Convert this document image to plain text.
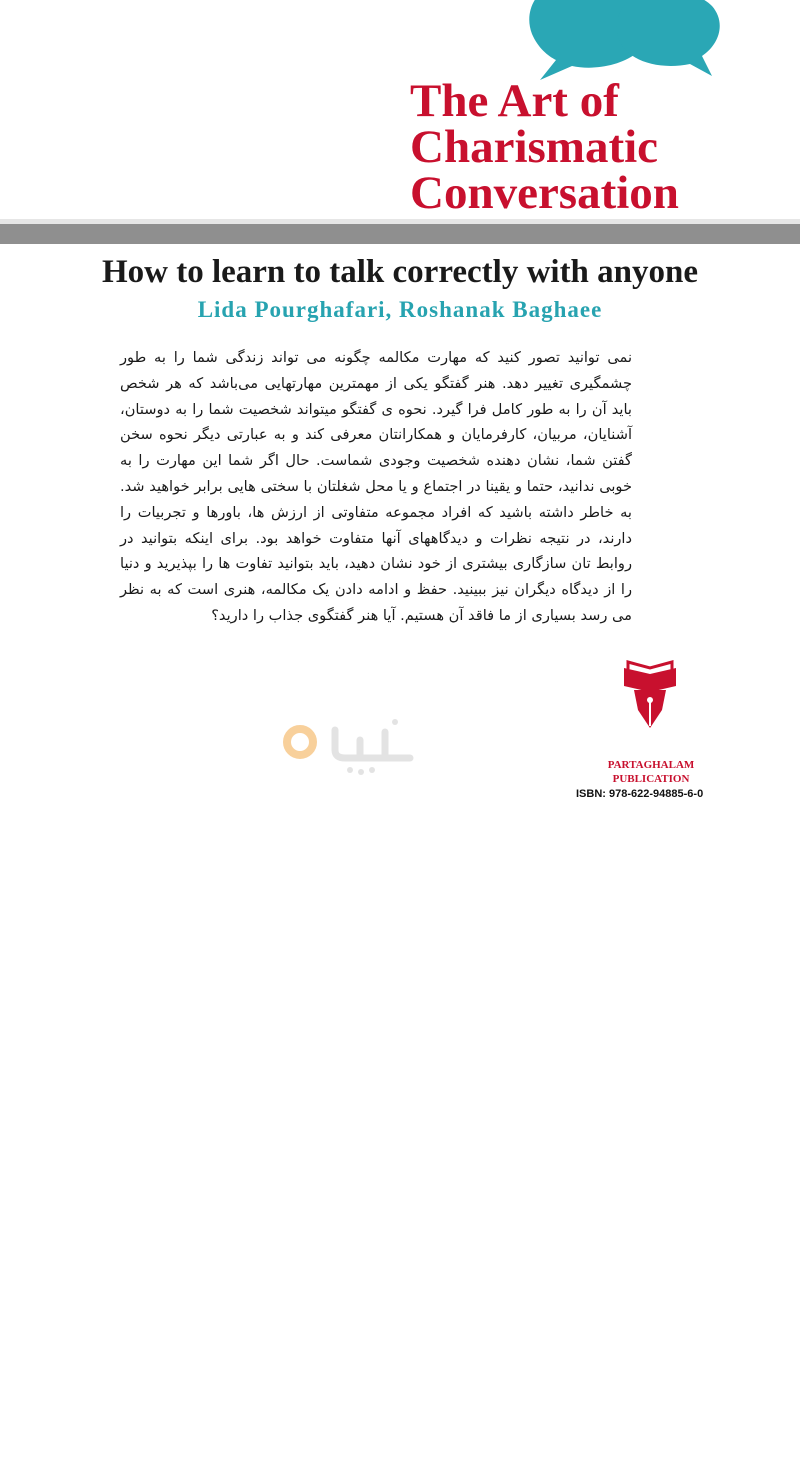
The Art of
Charismatic
Conversation
How to learn to talk correctly with anyone
Lida Pourghafari, Roshanak Baghaee

نمی توانید تصور کنید که مهارت مکالمه چگونه می تواند زندگی شما را به طور چشمگیری تغییر دهد. هنر گفتگو یکی از مهمترین مهارتهایی می‌باشد که هر شخص باید آن را به طور کامل فرا گیرد. نحوه ی گفتگو میتواند شخصیت شما را به دوستان، آشنایان، مربیان، کارفرمایان و همکارانتان معرفی کند و به عبارتی دیگر نحوه سخن گفتن شما، نشان دهنده شخصیت وجودی شماست. حال اگر شما این مهارت را به خوبی ندانید، حتما و یقینا در اجتماع و یا محل شغلتان با سختی هایی برابر خواهید شد. به خاطر داشته باشید که افراد مجموعه متفاوتی از ارزش ها، باورها و تجربیات را دارند، در نتیجه نظرات و دیدگاههای آنها متفاوت خواهد بود. برای اینکه بتوانید در روابط تان سازگاری بیشتری از خود نشان دهید، باید بتوانید تفاوت ها را بپذیرید و دنیا را از دیدگاه دیگران نیز ببینید. حفظ و ادامه دادن یک مکالمه، هنری است که به نظر می رسد بسیاری از ما فاقد آن هستیم. آیا هنر گفتگوی جذاب را دارید؟

PARTAGHALAM
PUBLICATION
ISBN: 978-622-94885-6-0
